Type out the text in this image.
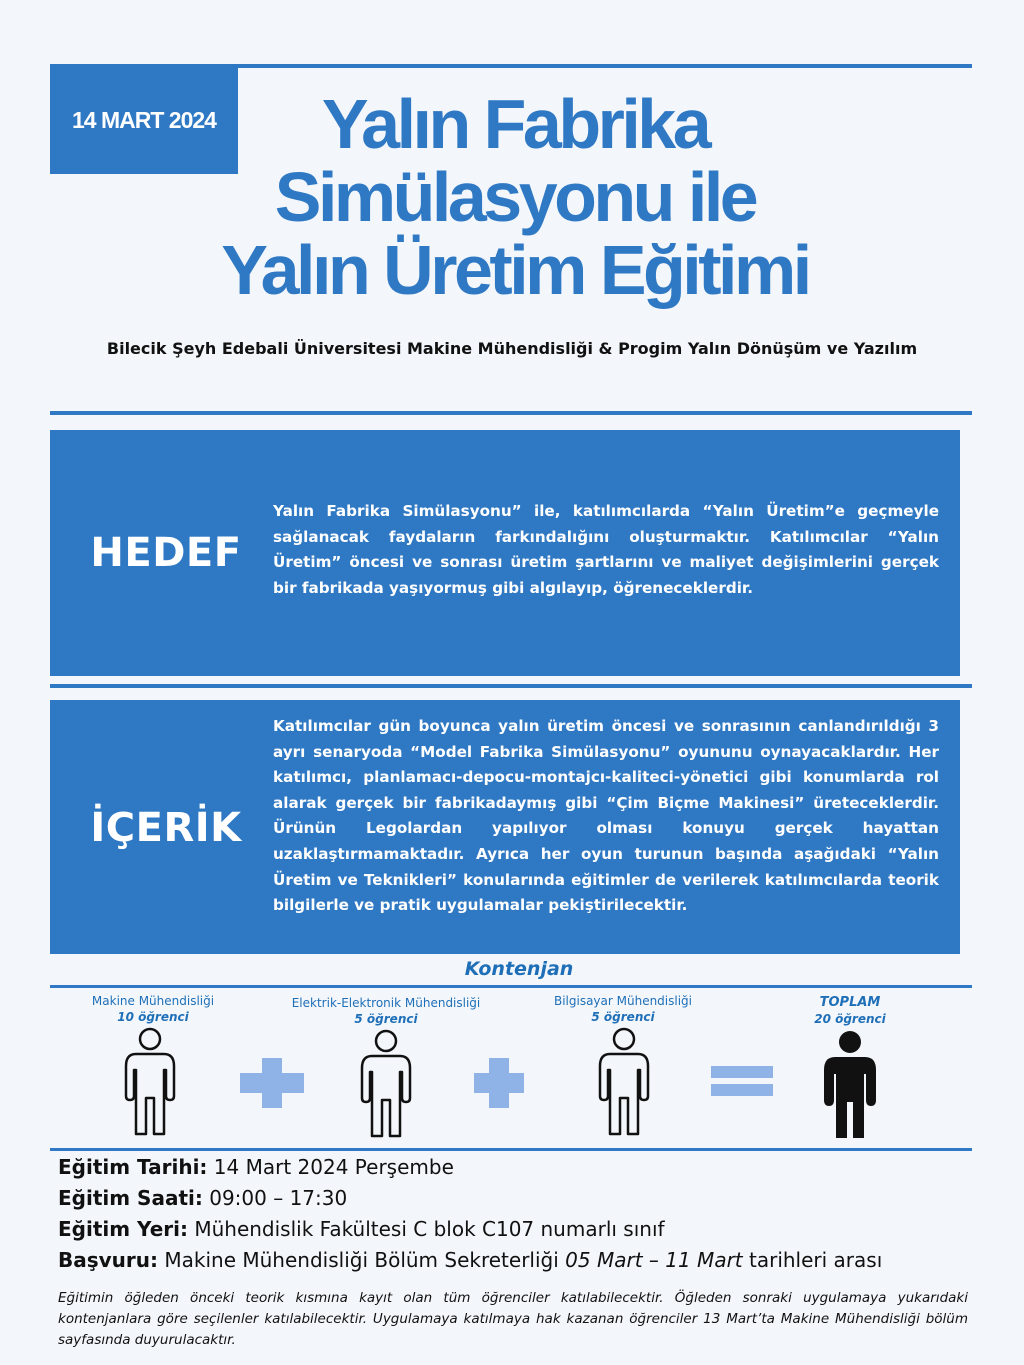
14 MART 2024	Yalın Fabrika
Simülasyonu ile
Yalın Üretim Eğitimi
Bilecik Şeyh Edebali Üniversitesi Makine Mühendisliği & Progim Yalın Dönüşüm ve Yazılım
HEDEF
Yalın Fabrika Simülasyonu” ile, katılımcılarda “Yalın Üretim”e geçmeyle sağlanacak faydaların farkındalığını oluşturmaktır. Katılımcılar “Yalın Üretim” öncesi ve sonrası üretim şartlarını ve maliyet değişimlerini gerçek bir fabrikada yaşıyormuş gibi algılayıp, öğreneceklerdir.
İÇERİK
Katılımcılar gün boyunca yalın üretim öncesi ve sonrasının canlandırıldığı 3 ayrı senaryoda “Model Fabrika Simülasyonu” oyununu oynayacaklardır. Her katılımcı, planlamacı-depocu-montajcı-kaliteci-yönetici gibi konumlarda rol alarak gerçek bir fabrikadaymış gibi “Çim Biçme Makinesi” üreteceklerdir. Ürünün Legolardan yapılıyor olması konuyu gerçek hayattan uzaklaştırmamaktadır. Ayrıca her oyun turunun başında aşağıdaki “Yalın Üretim ve Teknikleri” konularında eğitimler de verilerek katılımcılarda teorik bilgilerle ve pratik uygulamalar pekiştirilecektir.
Kontenjan
Makine Mühendisliği
10 öğrenci
Elektrik-Elektronik Mühendisliği
5 öğrenci
Bilgisayar Mühendisliği
5 öğrenci
TOPLAM
20 öğrenci
Eğitim Tarihi: 14 Mart 2024 Perşembe
Eğitim Saati: 09:00 – 17:30
Eğitim Yeri: Mühendislik Fakültesi C blok C107 numarlı sınıf
Başvuru: Makine Mühendisliği Bölüm Sekreterliği 05 Mart – 11 Mart tarihleri arası
Eğitimin öğleden önceki teorik kısmına kayıt olan tüm öğrenciler katılabilecektir. Öğleden sonraki uygulamaya yukarıdaki kontenjanlara göre seçilenler katılabilecektir. Uygulamaya katılmaya hak kazanan öğrenciler 13 Mart’ta Makine Mühendisliği bölüm sayfasında duyurulacaktır.
